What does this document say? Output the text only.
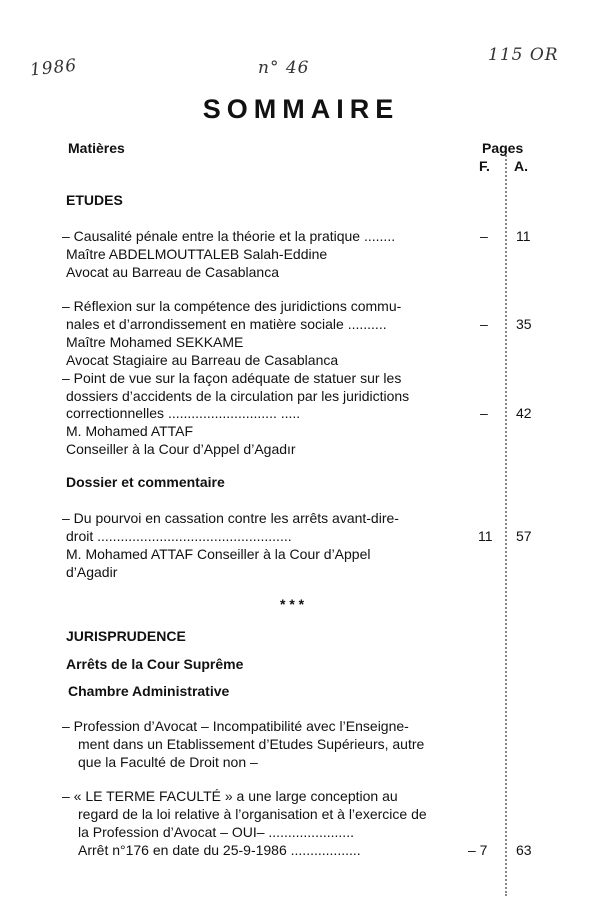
1986	n° 46
115 OR
SOMMAIRE
Matières	Pages
F. A.
ETUDES
– Causalité pénale entre la théorie et la pratique ........
Maître ABDELMOUTTALEB Salah-Eddine
Avocat au Barreau de Casablanca
– 11
– Réflexion sur la compétence des juridictions commu-
nales et d’arrondissement en matière sociale ..........
Maître Mohamed SEKKAME
Avocat Stagiaire au Barreau de Casablanca
– 35
– Point de vue sur la façon adéquate de statuer sur les
dossiers d’accidents de la circulation par les juridictions
correctionnelles ............................ .....
M. Mohamed ATTAF
Conseiller à la Cour d’Appel d’Agadır
– 42
Dossier et commentaire
– Du pourvoi en cassation contre les arrêts avant-dire-
droit ..................................................
M. Mohamed ATTAF Conseiller à la Cour d’Appel
d’Agadir
11 57
* * *
JURISPRUDENCE
Arrêts de la Cour Suprême
Chambre Administrative
– Profession d’Avocat – Incompatibilité avec l’Enseigne-
ment dans un Etablissement d’Etudes Supérieurs, autre
que la Faculté de Droit non –
– « LE TERME FACULTÉ » a une large conception au
regard de la loi relative à l’organisation et à l’exercice de
la Profession d’Avocat – OUI– ......................
Arrêt n°176 en date du 25-9-1986 ..................	– 7 63
